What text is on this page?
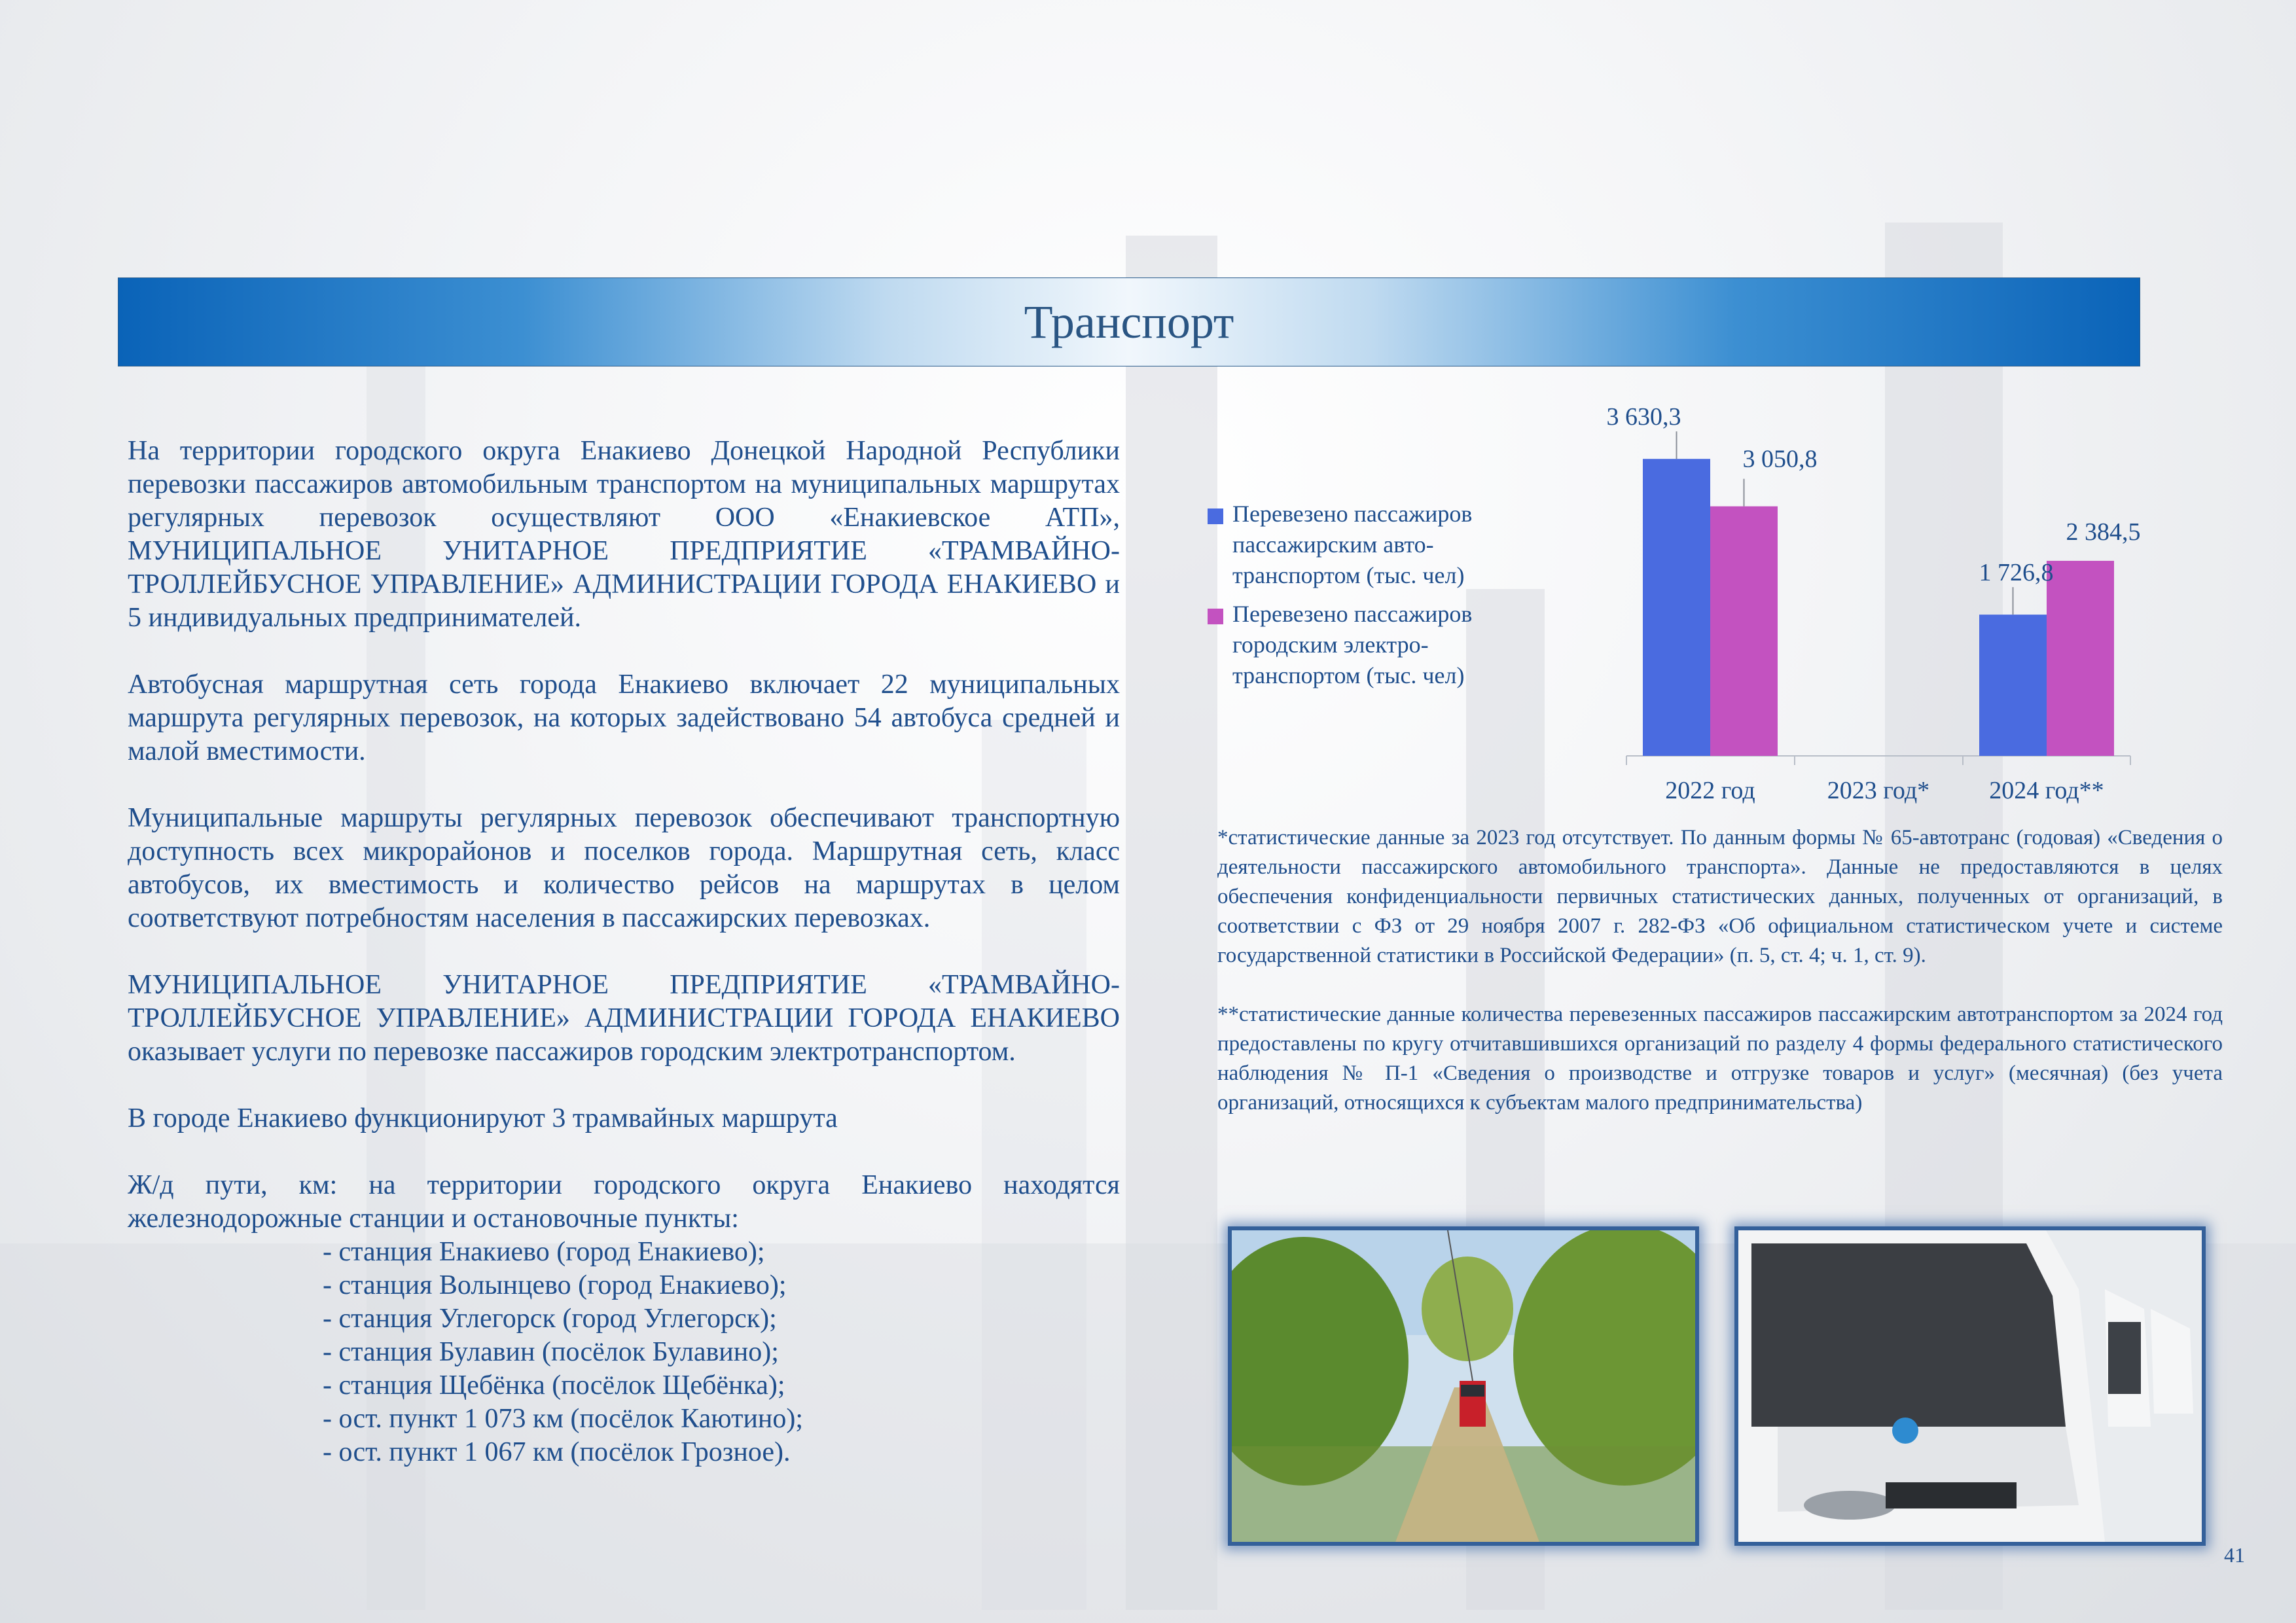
Транспорт

На территории городского округа Енакиево Донецкой Народной Республики перевозки пассажиров автомобильным транспортом на муниципальных маршрутах регулярных перевозок осуществляют ООО «Енакиевское АТП», МУНИЦИПАЛЬНОЕ УНИТАРНОЕ ПРЕДПРИЯТИЕ «ТРАМВАЙНО-ТРОЛЛЕЙБУСНОЕ УПРАВЛЕНИЕ» АДМИНИСТРАЦИИ ГОРОДА ЕНАКИЕВО и 5 индивидуальных предпринимателей.

Автобусная маршрутная сеть города Енакиево включает 22 муниципальных маршрута регулярных перевозок, на которых задействовано 54 автобуса средней и малой вместимости.

Муниципальные маршруты регулярных перевозок обеспечивают транспортную доступность всех микрорайонов и поселков города. Маршрутная сеть, класс автобусов, их вместимость и количество рейсов на маршрутах в целом соответствуют потребностям населения в пассажирских перевозках.

МУНИЦИПАЛЬНОЕ УНИТАРНОЕ ПРЕДПРИЯТИЕ «ТРАМВАЙНО-ТРОЛЛЕЙБУСНОЕ УПРАВЛЕНИЕ» АДМИНИСТРАЦИИ ГОРОДА ЕНАКИЕВО оказывает услуги по перевозке пассажиров городским электротранспортом.

В городе Енакиево функционируют 3 трамвайных маршрута

Ж/д пути, км: на территории городского округа Енакиево находятся железнодорожные станции и остановочные пункты:

- станция Енакиево (город Енакиево);
- станция Волынцево (город Енакиево);
- станция Углегорск (город Углегорск);
- станция Булавин (посёлок Булавино);
- станция Щебёнка (посёлок Щебёнка);
- ост. пункт 1 073 км (посёлок Каютино);
- ост. пункт 1 067 км (посёлок Грозное).
Перевезено пассажиров пассажирским авто- транспортом (тыс. чел)
Перевезено пассажиров городским электро- транспортом (тыс. чел)
2022 год	2023 год* 2024 год**
3 630,3
3 050,8
1 726,8
2 384,5

*статистические данные за 2023 год отсутствует. По данным формы № 65-автотранс (годовая) «Сведения о деятельности пассажирского автомобильного транспорта». Данные не предоставляются в целях обеспечения конфиденциальности первичных статистических данных, полученных от организаций, в соответствии с ФЗ от 29 ноября 2007 г. 282-ФЗ «Об официальном статистическом учете и системе государственной статистики в Российской Федерации» (п. 5, ст. 4; ч. 1, ст. 9).

**статистические данные количества перевезенных пассажиров пассажирским автотранспортом за 2024 год предоставлены по кругу отчитавшившихся организаций по разделу 4 формы федерального статистического наблюдения № П-1 «Сведения о производстве и отгрузке товаров и услуг» (месячная) (без учета организаций, относящихся к субъектам малого предпринимательства)

41
